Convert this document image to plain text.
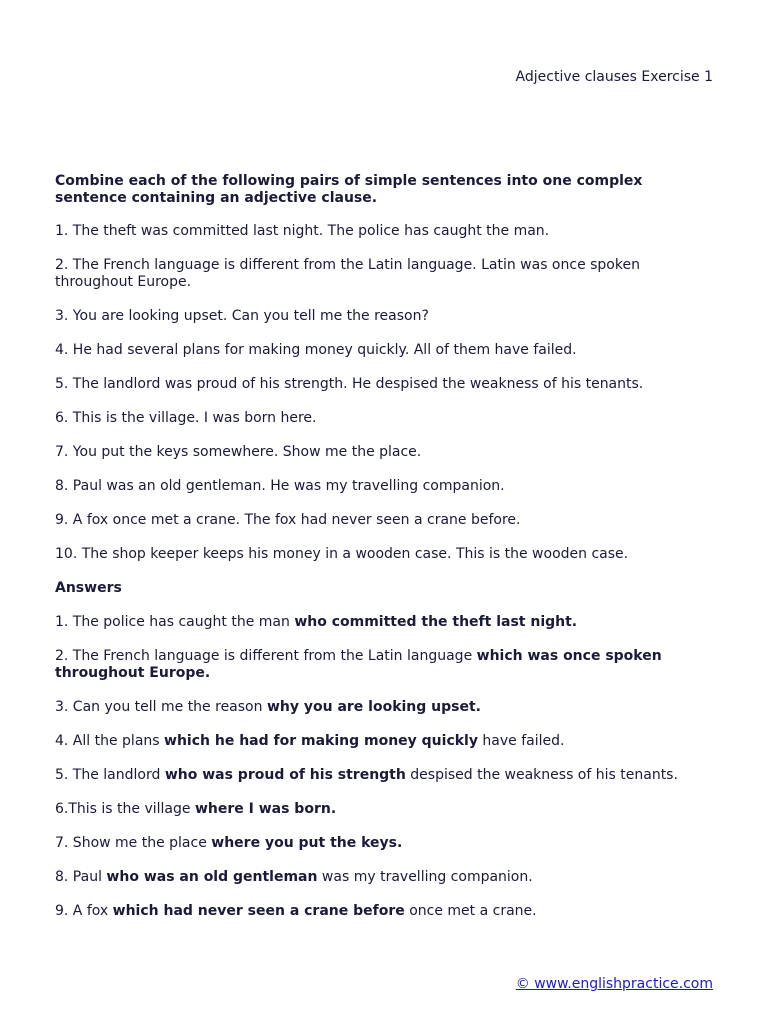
Adjective clauses Exercise 1

Combine each of the following pairs of simple sentences into one complex sentence containing an adjective clause.

1. The theft was committed last night. The police has caught the man.

2. The French language is different from the Latin language. Latin was once spoken throughout Europe.

3. You are looking upset. Can you tell me the reason?

4. He had several plans for making money quickly. All of them have failed.

5. The landlord was proud of his strength. He despised the weakness of his tenants.

6. This is the village. I was born here.

7. You put the keys somewhere. Show me the place.

8. Paul was an old gentleman. He was my travelling companion.

9. A fox once met a crane. The fox had never seen a crane before.

10. The shop keeper keeps his money in a wooden case. This is the wooden case.

Answers

1. The police has caught the man who committed the theft last night.

2. The French language is different from the Latin language which was once spoken throughout Europe.

3. Can you tell me the reason why you are looking upset.

4. All the plans which he had for making money quickly have failed.

5. The landlord who was proud of his strength despised the weakness of his tenants.

6.This is the village where I was born.

7. Show me the place where you put the keys.

8. Paul who was an old gentleman was my travelling companion.

9. A fox which had never seen a crane before once met a crane.

© www.englishpractice.com
